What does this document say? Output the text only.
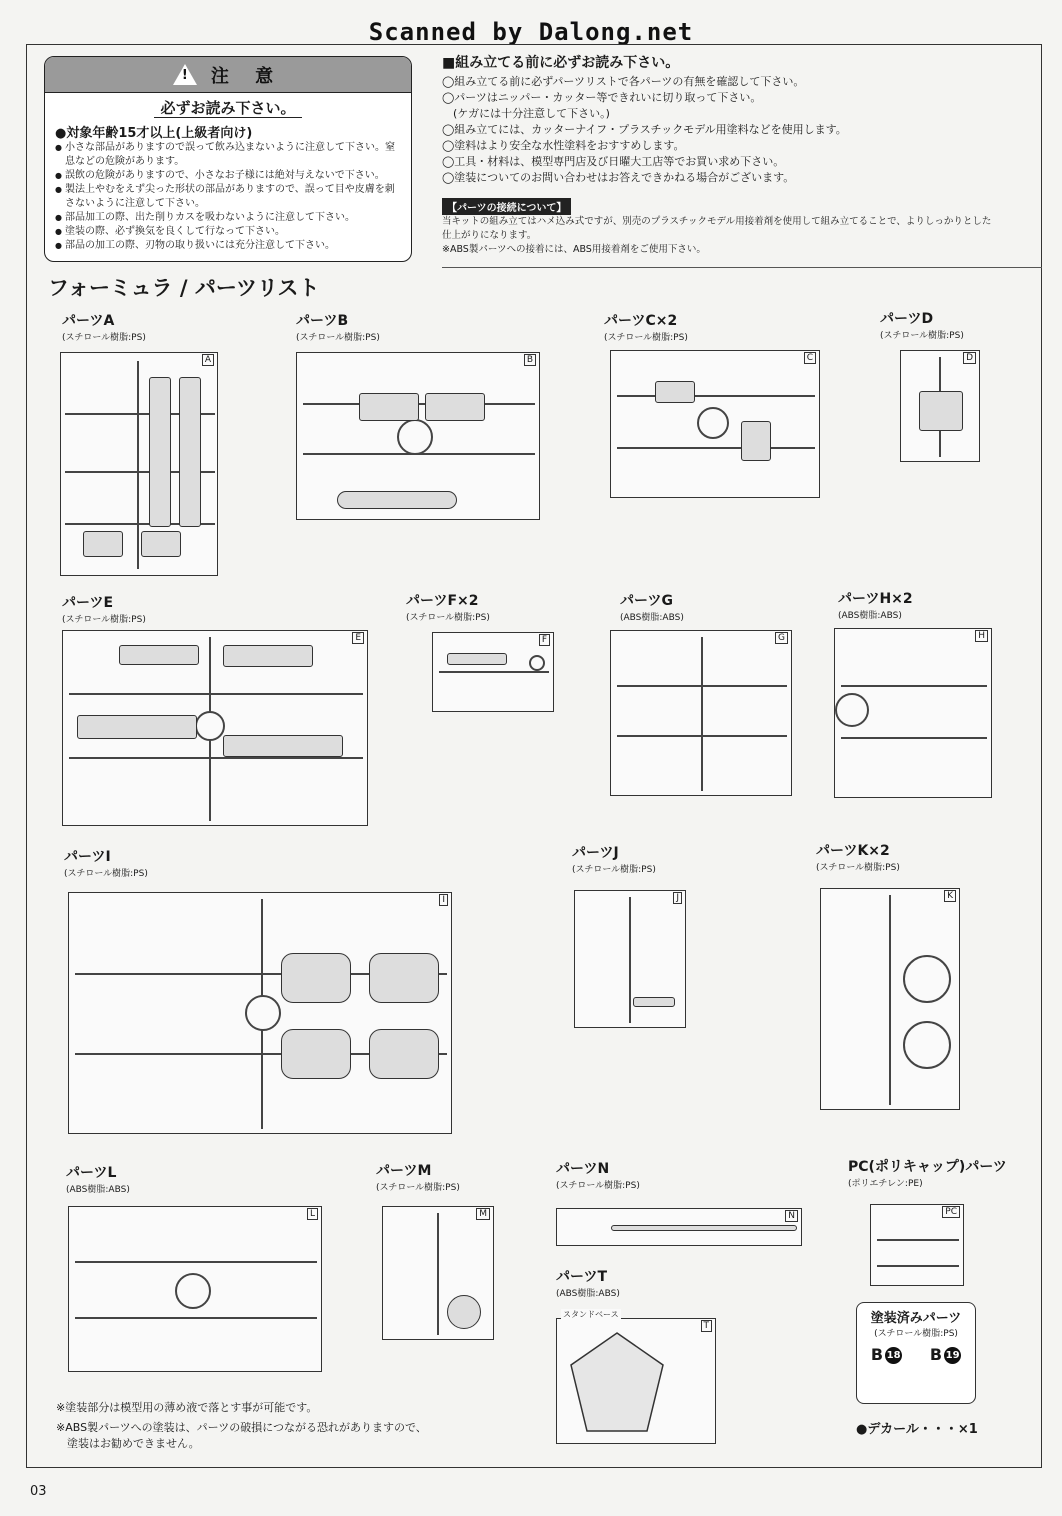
Scanned by Dalong.net
!
注 意
必ずお読み下さい。
●対象年齢15才以上(上級者向け)
● 小さな部品がありますので誤って飲み込まないように注意して下さい。窒息などの危険があります。
● 誤飲の危険がありますので、小さなお子様には絶対与えないで下さい。
● 製法上やむをえず尖った形状の部品がありますので、誤って目や皮膚を刺さないように注意して下さい。
● 部品加工の際、出た削りカスを吸わないように注意して下さい。
● 塗装の際、必ず換気を良くして行なって下さい。
● 部品の加工の際、刃物の取り扱いには充分注意して下さい。
■組み立てる前に必ずお読み下さい。
◯組み立てる前に必ずパーツリストで各パーツの有無を確認して下さい。
◯パーツはニッパー・カッター等できれいに切り取って下さい。
　(ケガには十分注意して下さい。)
◯組み立てには、カッターナイフ・プラスチックモデル用塗料などを使用します。
◯塗料はより安全な水性塗料をおすすめします。
◯工具・材料は、模型専門店及び日曜大工店等でお買い求め下さい。
◯塗装についてのお問い合わせはお答えできかねる場合がございます。
【パーツの接続について】
当キットの組み立てはハメ込み式ですが、別売のプラスチックモデル用接着剤を使用して組み立てることで、よりしっかりとした
仕上がりになります。
※ABS製パーツへの接着には、ABS用接着剤をご使用下さい。
フォーミュラ / パーツリスト
パーツA
(スチロール樹脂:PS)
パーツB
(スチロール樹脂:PS)
パーツC×2
(スチロール樹脂:PS)
パーツD
(スチロール樹脂:PS)
パーツE
(スチロール樹脂:PS)
パーツF×2
(スチロール樹脂:PS)
パーツG
(ABS樹脂:ABS)
パーツH×2
(ABS樹脂:ABS)
パーツI
(スチロール樹脂:PS)
パーツJ
(スチロール樹脂:PS)
パーツK×2
(スチロール樹脂:PS)
パーツL
(ABS樹脂:ABS)
パーツM
(スチロール樹脂:PS)
パーツN
(スチロール樹脂:PS)
PC(ポリキャップ)パーツ
(ポリエチレン:PE)
パーツT
(ABS樹脂:ABS)
A	B	C	D
E	F	G	H
I	J	K
L	M	N	PC
T
スタンドベース	塗装済みパーツ
(スチロール樹脂:PS)
B 18 B 19
●デカール・・・×1
※塗装部分は模型用の薄め液で落とす事が可能です。
※ABS製パーツへの塗装は、パーツの破損につながる恐れがありますので、
　塗装はお勧めできません。
03
